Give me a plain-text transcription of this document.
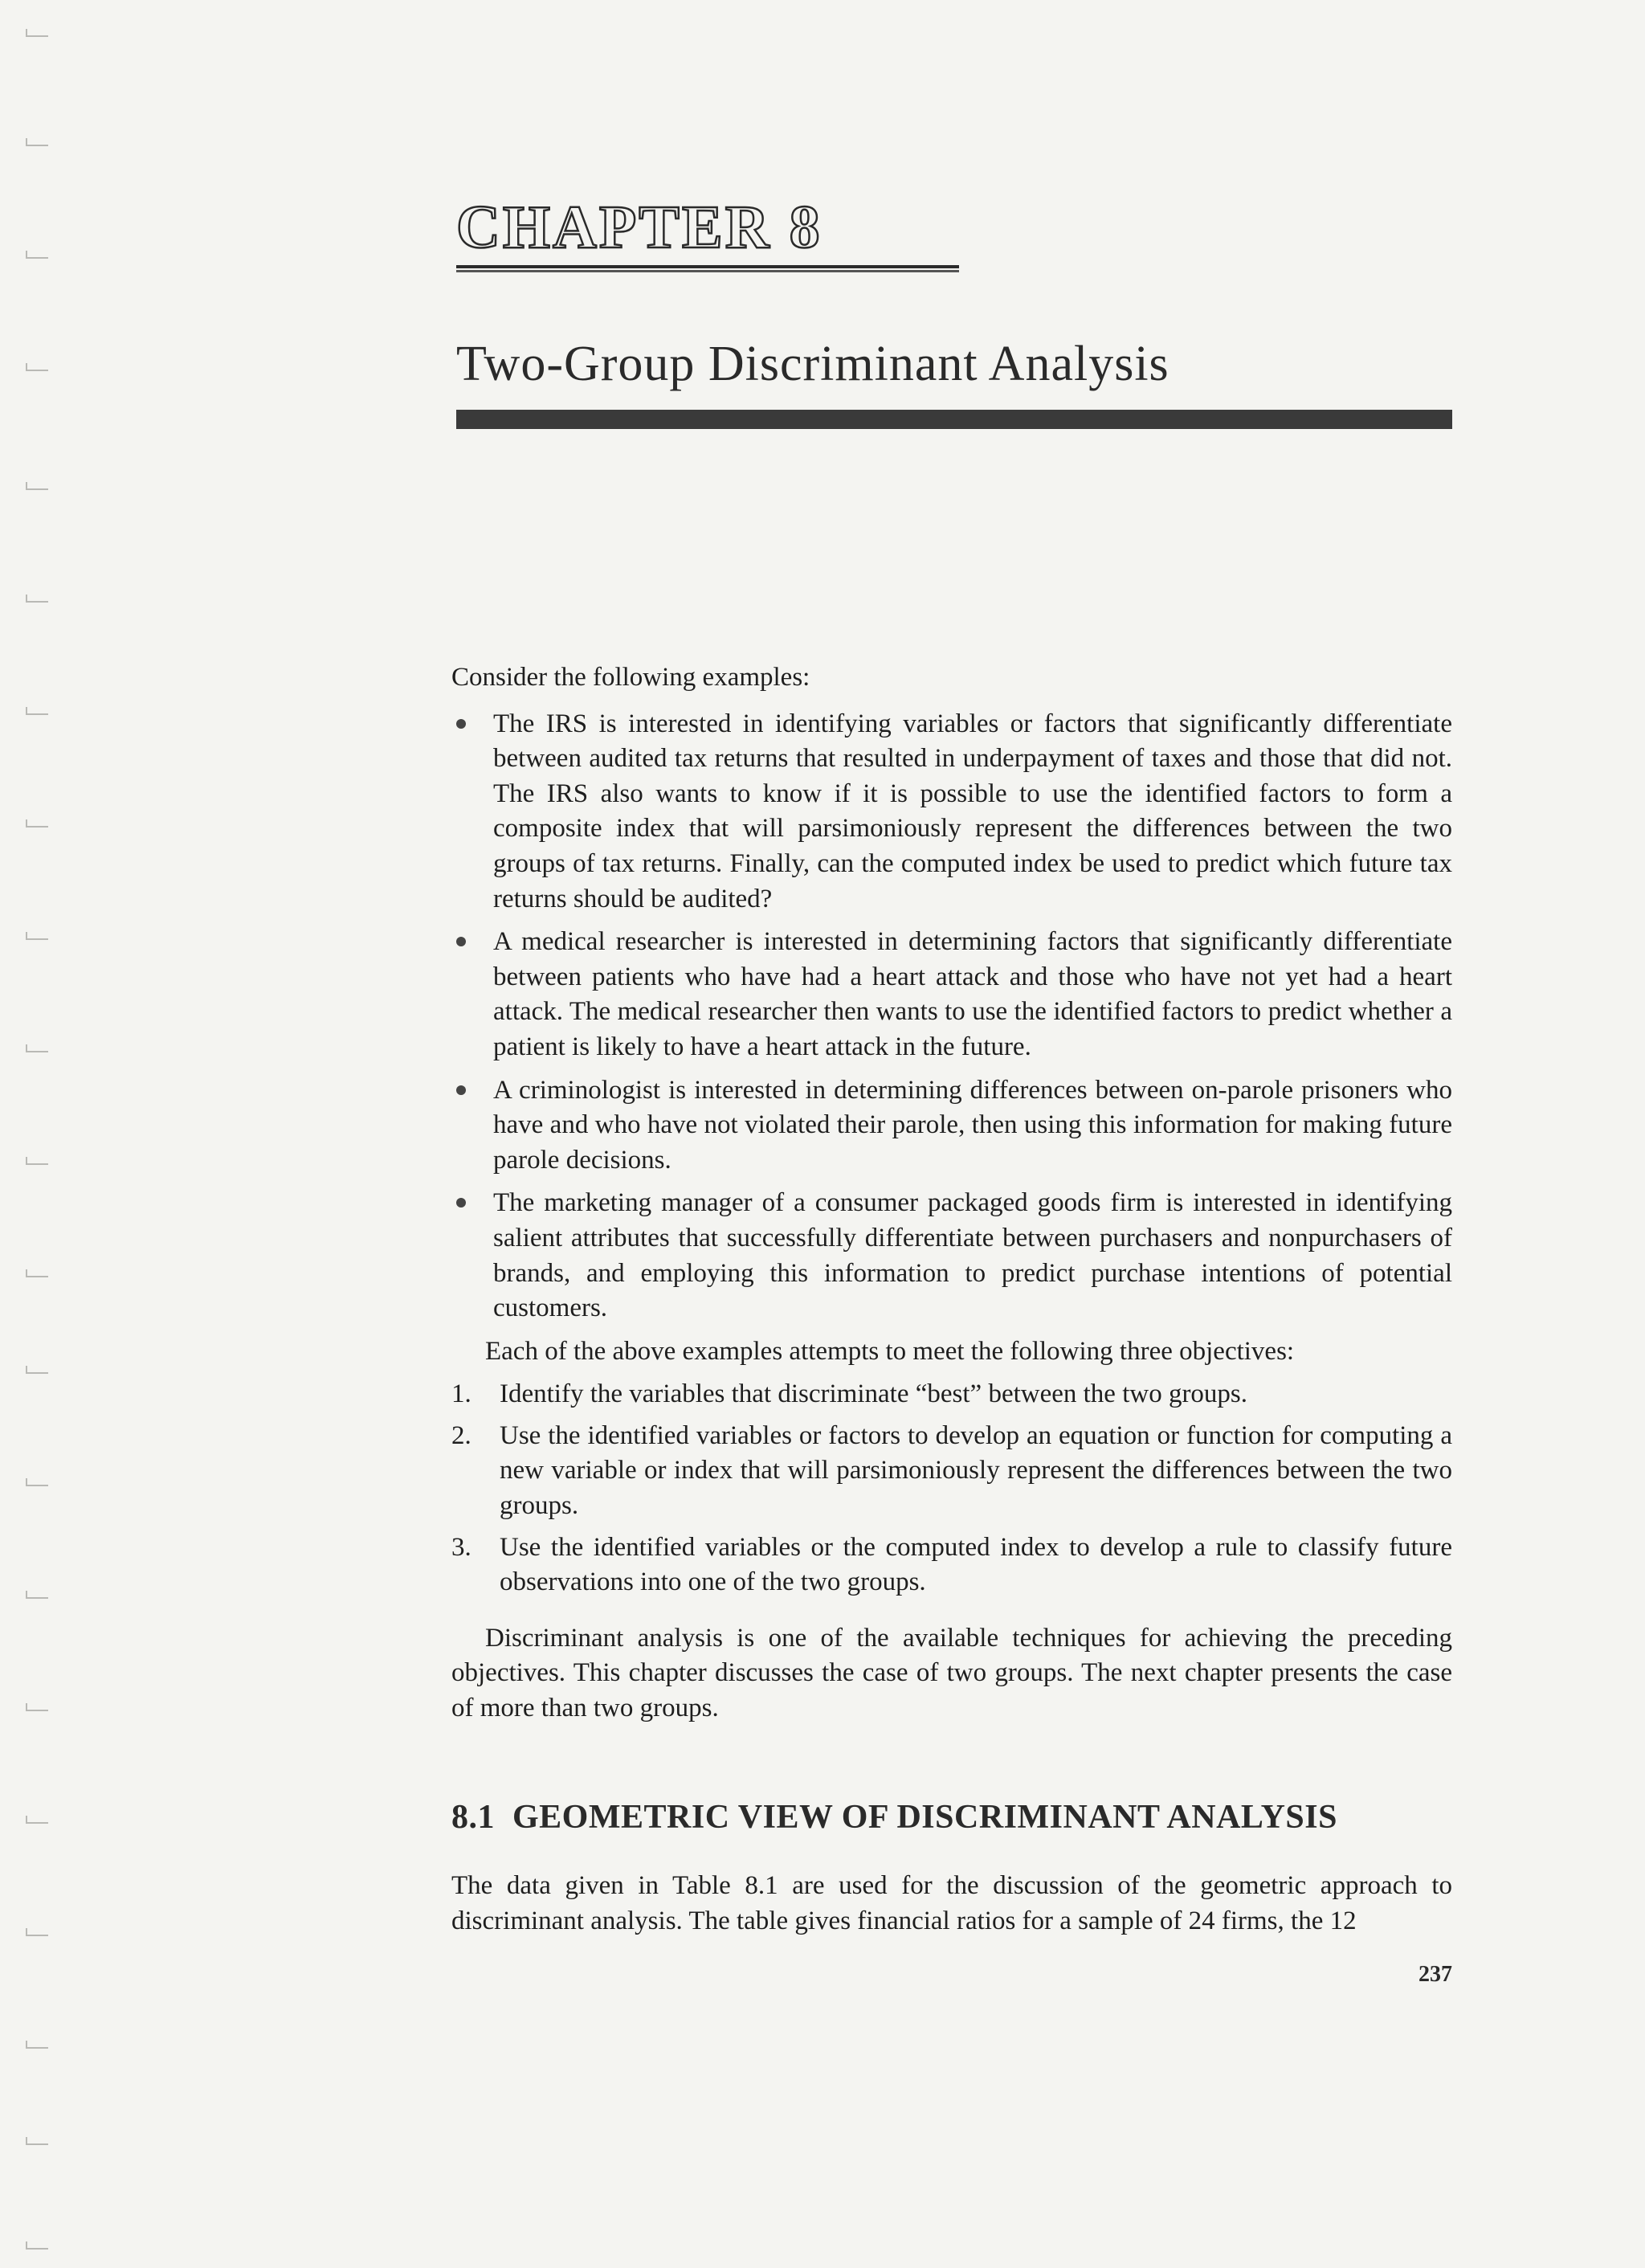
CHAPTER 8
Two-Group Discriminant Analysis

Consider the following examples:

The IRS is interested in identifying variables or factors that significantly differentiate between audited tax returns that resulted in underpayment of taxes and those that did not. The IRS also wants to know if it is possible to use the identified factors to form a composite index that will parsimoniously represent the differences between the two groups of tax returns. Finally, can the computed index be used to predict which future tax returns should be audited?
A medical researcher is interested in determining factors that significantly differentiate between patients who have had a heart attack and those who have not yet had a heart attack. The medical researcher then wants to use the identified factors to predict whether a patient is likely to have a heart attack in the future.
A criminologist is interested in determining differences between on-parole prisoners who have and who have not violated their parole, then using this information for making future parole decisions.
The marketing manager of a consumer packaged goods firm is interested in identifying salient attributes that successfully differentiate between purchasers and nonpurchasers of brands, and employing this information to predict purchase intentions of potential customers.

Each of the above examples attempts to meet the following three objectives:

1. Identify the variables that discriminate “best” between the two groups.
2. Use the identified variables or factors to develop an equation or function for computing a new variable or index that will parsimoniously represent the differences between the two groups.
3. Use the identified variables or the computed index to develop a rule to classify future observations into one of the two groups.

Discriminant analysis is one of the available techniques for achieving the preceding objectives. This chapter discusses the case of two groups. The next chapter presents the case of more than two groups.

8.1  GEOMETRIC VIEW OF DISCRIMINANT ANALYSIS
The data given in Table 8.1 are used for the discussion of the geometric approach to discriminant analysis. The table gives financial ratios for a sample of 24 firms, the 12
237
